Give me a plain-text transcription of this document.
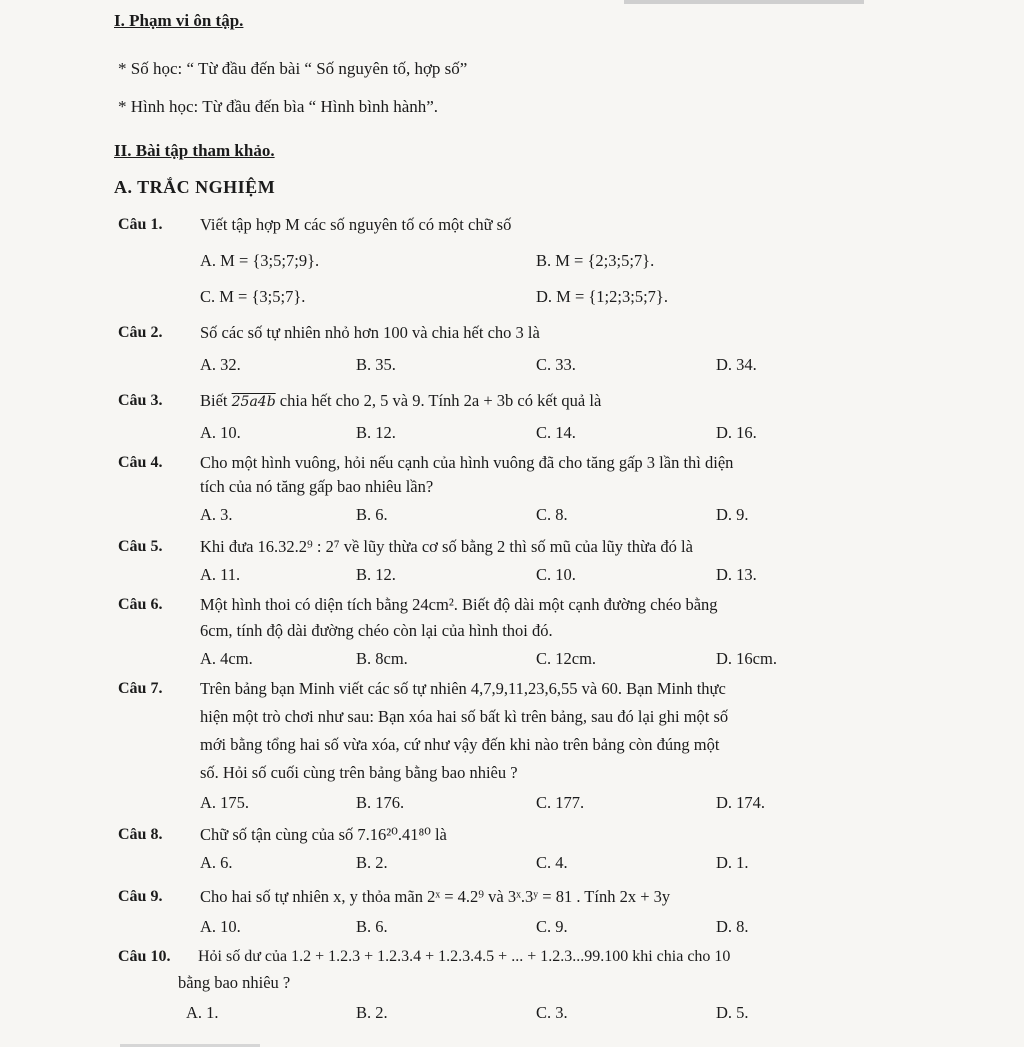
I. Phạm vi ôn tập.
* Số học: “ Từ đầu đến bài “ Số nguyên tố, hợp số”
* Hình học: Từ đầu đến bìa “ Hình bình hành”.
II. Bài tập tham khảo.
A. TRẮC NGHIỆM
Câu 1. Viết tập hợp M các số nguyên tố có một chữ số
A. M = {3;5;7;9}.	B. M = {2;3;5;7}.
C. M = {3;5;7}.	D. M = {1;2;3;5;7}.
Câu 2. Số các số tự nhiên nhỏ hơn 100 và chia hết cho 3 là
A. 32.	B. 35.	C. 33.	D. 34.
Câu 3. Biết 25a4b chia hết cho 2, 5 và 9. Tính 2a + 3b có kết quả là
A. 10.	B. 12.	C. 14.	D. 16.
Câu 4. Cho một hình vuông, hỏi nếu cạnh của hình vuông đã cho tăng gấp 3 lần thì diện
tích của nó tăng gấp bao nhiêu lần?
A. 3.	B. 6.	C. 8.	D. 9.
Câu 5. Khi đưa 16.32.2⁹ : 2⁷ về lũy thừa cơ số bằng 2 thì số mũ của lũy thừa đó là
A. 11.	B. 12.	C. 10.	D. 13.
Câu 6. Một hình thoi có diện tích bằng 24cm². Biết độ dài một cạnh đường chéo bằng
6cm, tính độ dài đường chéo còn lại của hình thoi đó.
A. 4cm.	B. 8cm.	C. 12cm.	D. 16cm.
Câu 7. Trên bảng bạn Minh viết các số tự nhiên 4,7,9,11,23,6,55 và 60. Bạn Minh thực
hiện một trò chơi như sau: Bạn xóa hai số bất kì trên bảng, sau đó lại ghi một số
mới bằng tổng hai số vừa xóa, cứ như vậy đến khi nào trên bảng còn đúng một
số. Hỏi số cuối cùng trên bảng bằng bao nhiêu ?
A. 175.	B. 176.	C. 177.	D. 174.
Câu 8. Chữ số tận cùng của số 7.16²⁰.41⁸⁰ là
A. 6.	B. 2.	C. 4.	D. 1.
Câu 9. Cho hai số tự nhiên x, y thỏa mãn 2ˣ = 4.2⁹ và 3ˣ.3ʸ = 81 . Tính 2x + 3y
A. 10.	B. 6.	C. 9.	D. 8.
Câu 10. Hỏi số dư của 1.2 + 1.2.3 + 1.2.3.4 + 1.2.3.4.5 + ... + 1.2.3...99.100 khi chia cho 10
bằng bao nhiêu ?
A. 1.	B. 2.	C. 3.	D. 5.
